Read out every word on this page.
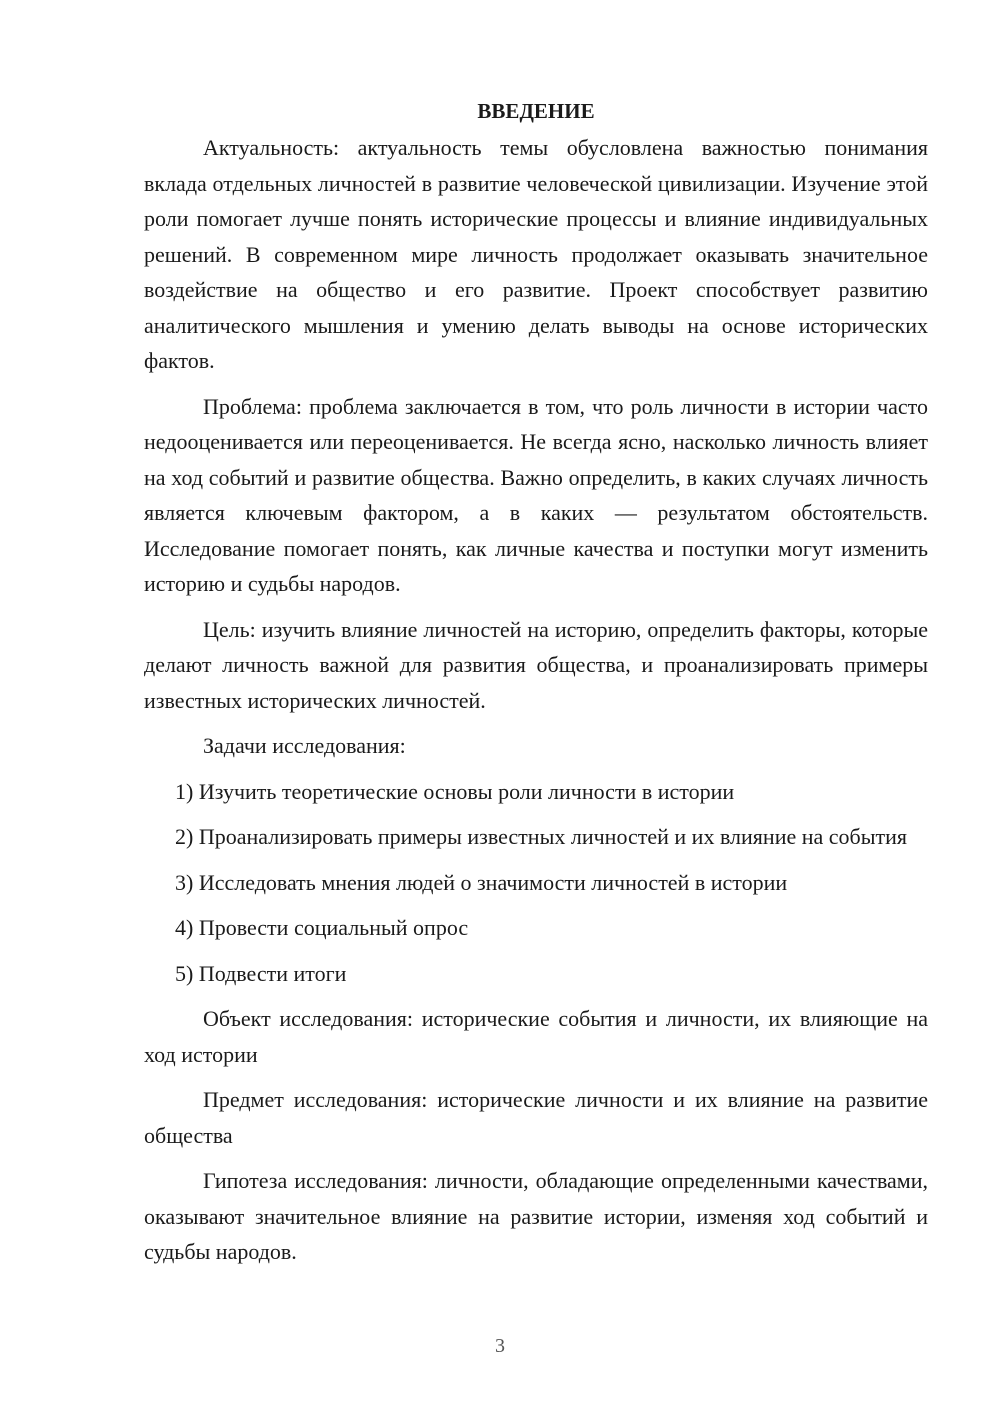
ВВЕДЕНИЕ

Актуальность: актуальность темы обусловлена важностью понимания вклада отдельных личностей в развитие человеческой цивилизации. Изучение этой роли помогает лучше понять исторические процессы и влияние индивидуальных решений. В современном мире личность продолжает оказывать значительное воздействие на общество и его развитие. Проект способствует развитию аналитического мышления и умению делать выводы на основе исторических фактов.

Проблема: проблема заключается в том, что роль личности в истории часто недооценивается или переоценивается. Не всегда ясно, насколько личность влияет на ход событий и развитие общества. Важно определить, в каких случаях личность является ключевым фактором, а в каких — результатом обстоятельств. Исследование помогает понять, как личные качества и поступки могут изменить историю и судьбы народов.

Цель: изучить влияние личностей на историю, определить факторы, которые делают личность важной для развития общества, и проанализировать примеры известных исторических личностей.

Задачи исследования:

1) Изучить теоретические основы роли личности в истории

2) Проанализировать примеры известных личностей и их влияние на события

3) Исследовать мнения людей о значимости личностей в истории

4) Провести социальный опрос

5) Подвести итоги

Объект исследования: исторические события и личности, их влияющие на ход истории

Предмет исследования: исторические личности и их влияние на развитие общества

Гипотеза исследования: личности, обладающие определенными качествами, оказывают значительное влияние на развитие истории, изменяя ход событий и судьбы народов.

3
